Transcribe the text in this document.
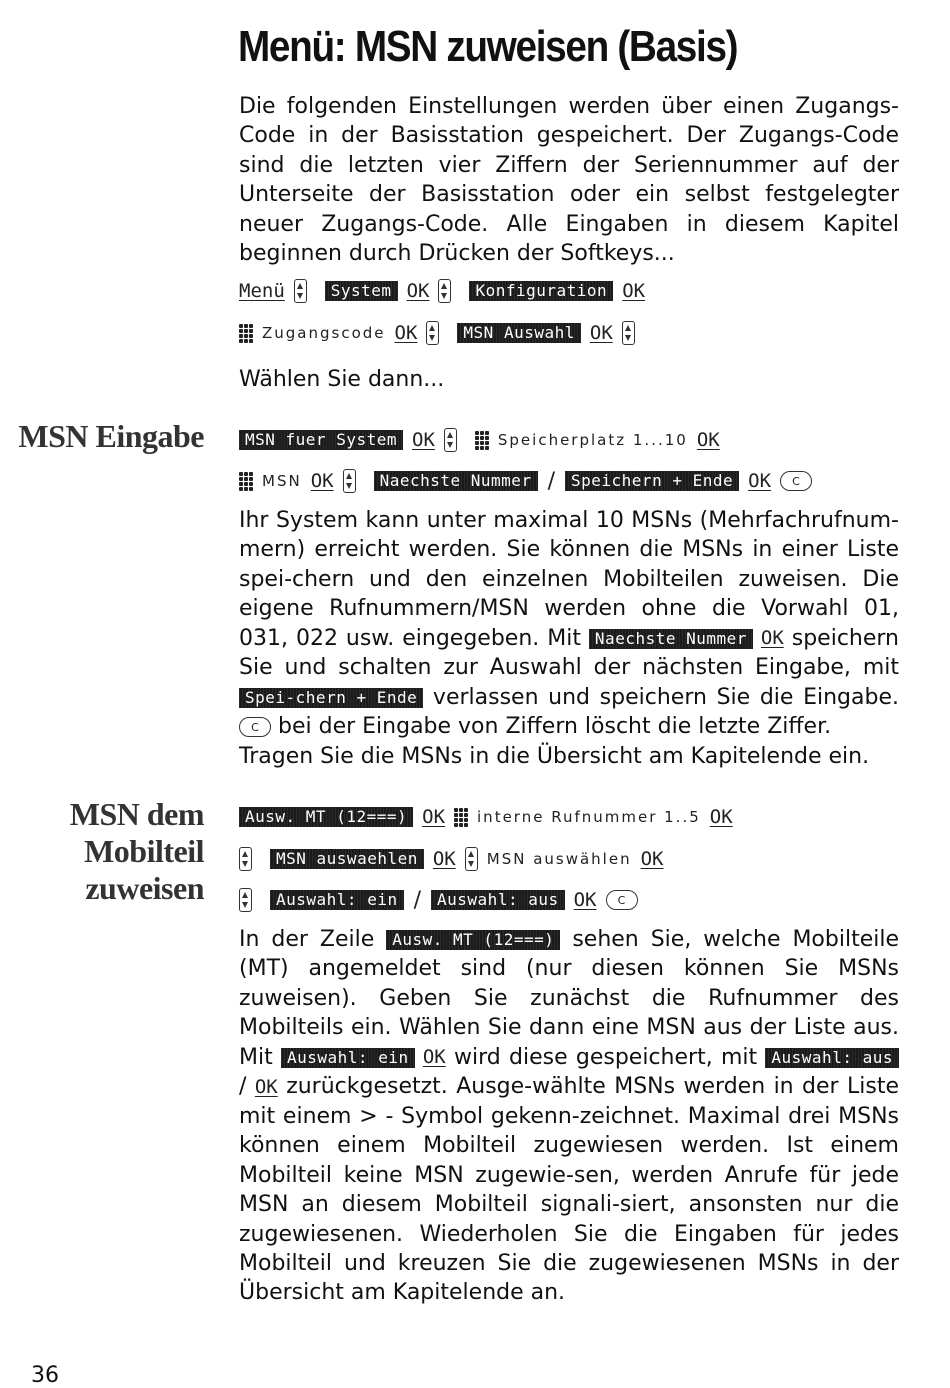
Menü: MSN zuweisen (Basis)

Die folgenden Einstellungen werden über einen Zugangs-Code in der Basisstation gespeichert. Der Zugangs-Code sind die letzten vier Ziffern der Seriennummer auf der Unterseite der Basisstation oder ein selbst festgelegter neuer Zugangs-Code. Alle Eingaben in diesem Kapitel beginnen durch Drücken der Softkeys...

Menü	System OK	Konfiguration OK
Zugangscode OK	MSN Auswahl OK

Wählen Sie dann...

MSN Eingabe	MSN fuer System OK	Speicherplatz 1...10 OK
MSN OK	Naechste Nummer /	Speichern + Ende OK	C

Ihr System kann unter maximal 10 MSNs (Mehrfachrufnum-mern) erreicht werden. Sie können die MSNs in einer Liste spei-chern und den einzelnen Mobilteilen zuweisen. Die eigene Rufnummern/MSN werden ohne die Vorwahl 01, 031, 022 usw. eingegeben. Mit Naechste Nummer OK speichern Sie und schalten zur Auswahl der nächsten Eingabe, mit Spei-chern + Ende verlassen und speichern Sie die Eingabe. C bei der Eingabe von Ziffern löscht die letzte Ziffer.
Tragen Sie die MSNs in die Übersicht am Kapitelende ein.

MSN dem
Mobilteil
zuweisen
Ausw. MT (12===) OK interne Rufnummer 1..5 OK
MSN auswaehlen OK MSN auswählen OK
Auswahl: ein /	Auswahl: aus OK	C

In der Zeile Ausw. MT (12===) sehen Sie, welche Mobilteile (MT) angemeldet sind (nur diesen können Sie MSNs zuweisen). Geben Sie zunächst die Rufnummer des Mobilteils ein. Wählen Sie dann eine MSN aus der Liste aus. Mit Auswahl: ein OK wird diese gespeichert, mit Auswahl: aus / OK zurückgesetzt. Ausge-wählte MSNs werden in der Liste mit einem > - Symbol gekenn-zeichnet. Maximal drei MSNs können einem Mobilteil zugewiesen werden. Ist einem Mobilteil keine MSN zugewie-sen, werden Anrufe für jede MSN an diesem Mobilteil signali-siert, ansonsten nur die zugewiesenen. Wiederholen Sie die Eingaben für jedes Mobilteil und kreuzen Sie die zugewiesenen MSNs in der Übersicht am Kapitelende an.

36
